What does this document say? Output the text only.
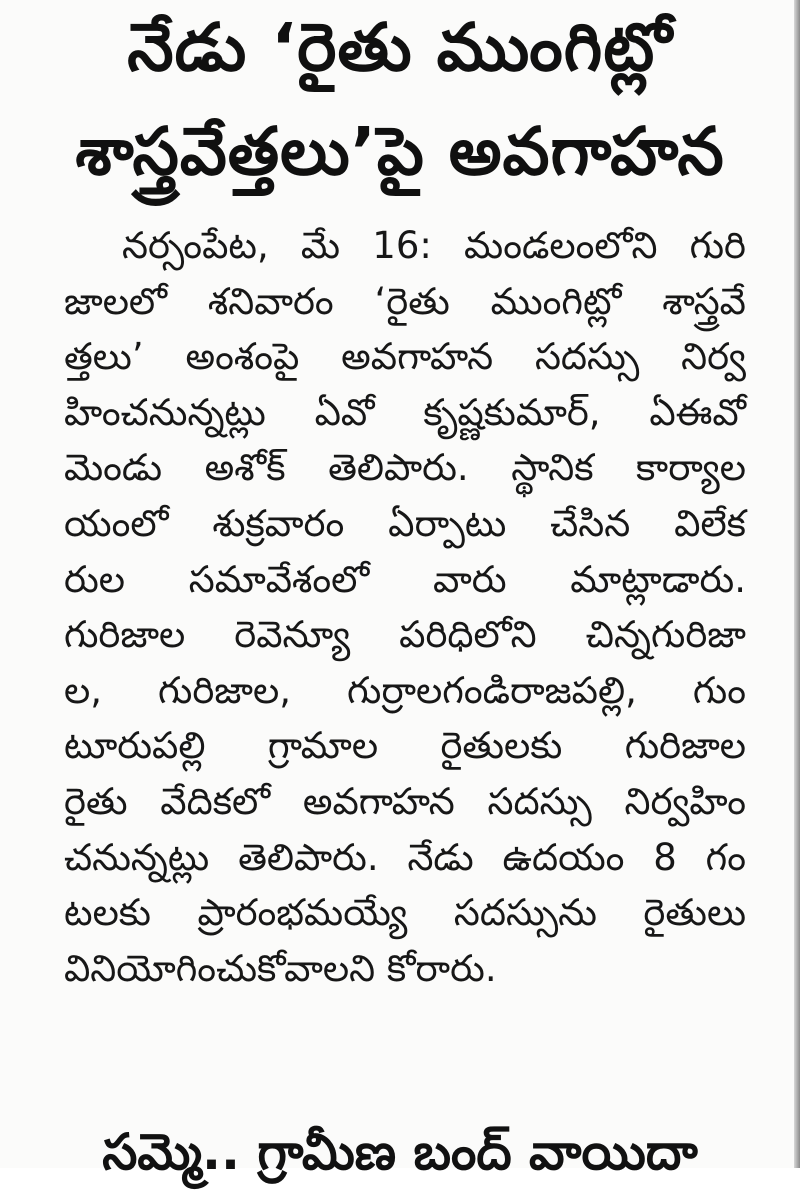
నేడు ‘రైతు ముంగిట్లో
శాస్త్రవేత్తలు’పై అవగాహన
నర్సంపేట, మే 16: మండలంలోని గురి
జాలలో శనివారం ‘రైతు ముంగిట్లో శాస్త్రవే
త్తలు’ అంశంపై అవగాహన సదస్సు నిర్వ
హించనున్నట్లు ఏవో కృష్ణకుమార్, ఏఈవో
మెండు అశోక్ తెలిపారు. స్థానిక కార్యాల
యంలో శుక్రవారం ఏర్పాటు చేసిన విలేక
రుల సమావేశంలో వారు మాట్లాడారు.
గురిజాల రెవెన్యూ పరిధిలోని చిన్నగురిజా
ల, గురిజాల, గుర్రాలగండిరాజపల్లి, గుం
టూరుపల్లి గ్రామాల రైతులకు గురిజాల
రైతు వేదికలో అవగాహన సదస్సు నిర్వహిం
చనున్నట్లు తెలిపారు. నేడు ఉదయం 8 గం
టలకు ప్రారంభమయ్యే సదస్సును రైతులు
వినియోగించుకోవాలని కోరారు.
సమ్మె.. గ్రామీణ బంద్ వాయిదా
